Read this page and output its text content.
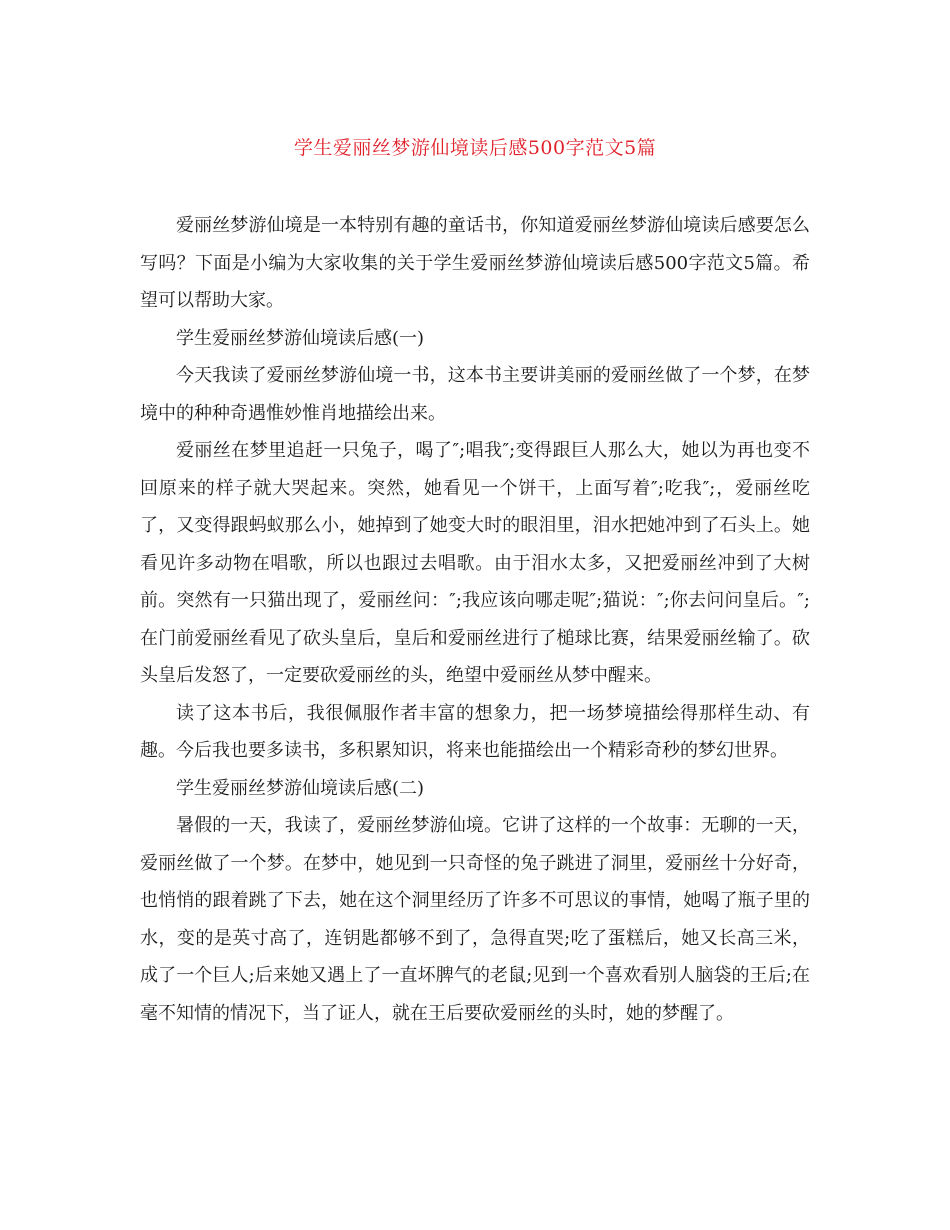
学生爱丽丝梦游仙境读后感500字范文5篇

爱丽丝梦游仙境是一本特别有趣的童话书，你知道爱丽丝梦游仙境读后感要怎么写吗？下面是小编为大家收集的关于学生爱丽丝梦游仙境读后感500字范文5篇。希望可以帮助大家。

学生爱丽丝梦游仙境读后感(一)

今天我读了爱丽丝梦游仙境一书，这本书主要讲美丽的爱丽丝做了一个梦，在梦境中的种种奇遇惟妙惟肖地描绘出来。

爱丽丝在梦里追赶一只兔子，喝了″;唱我″;变得跟巨人那么大，她以为再也变不回原来的样子就大哭起来。突然，她看见一个饼干，上面写着″;吃我″;，爱丽丝吃了，又变得跟蚂蚁那么小，她掉到了她变大时的眼泪里，泪水把她冲到了石头上。她看见许多动物在唱歌，所以也跟过去唱歌。由于泪水太多，又把爱丽丝冲到了大树前。突然有一只猫出现了，爱丽丝问：″;我应该向哪走呢″;猫说：″;你去问问皇后。″;在门前爱丽丝看见了砍头皇后，皇后和爱丽丝进行了槌球比赛，结果爱丽丝输了。砍头皇后发怒了，一定要砍爱丽丝的头，绝望中爱丽丝从梦中醒来。

读了这本书后，我很佩服作者丰富的想象力，把一场梦境描绘得那样生动、有趣。今后我也要多读书，多积累知识，将来也能描绘出一个精彩奇秒的梦幻世界。

学生爱丽丝梦游仙境读后感(二)

暑假的一天，我读了，爱丽丝梦游仙境。它讲了这样的一个故事：无聊的一天，爱丽丝做了一个梦。在梦中，她见到一只奇怪的兔子跳进了洞里，爱丽丝十分好奇，也悄悄的跟着跳了下去，她在这个洞里经历了许多不可思议的事情，她喝了瓶子里的水，变的是英寸高了，连钥匙都够不到了，急得直哭;吃了蛋糕后，她又长高三米，成了一个巨人;后来她又遇上了一直坏脾气的老鼠;见到一个喜欢看别人脑袋的王后;在毫不知情的情况下，当了证人，就在王后要砍爱丽丝的头时，她的梦醒了。
